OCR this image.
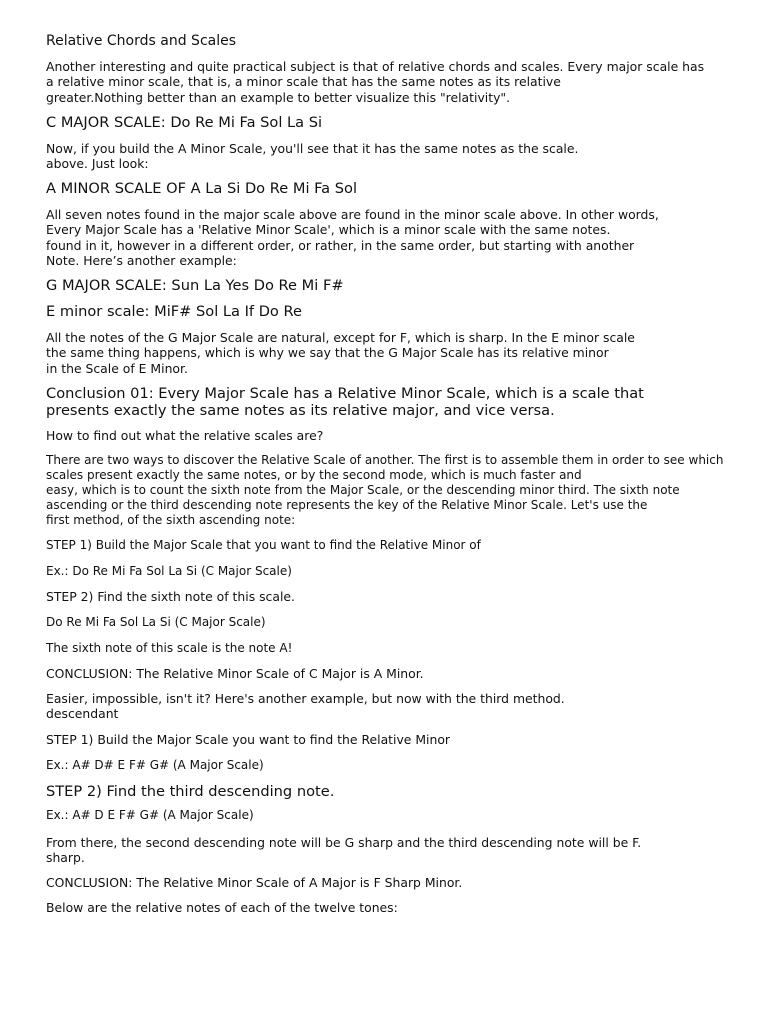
Relative Chords and Scales
Another interesting and quite practical subject is that of relative chords and scales. Every major scale has
a relative minor scale, that is, a minor scale that has the same notes as its relative
greater.Nothing better than an example to better visualize this "relativity".
C MAJOR SCALE: Do Re Mi Fa Sol La Si
Now, if you build the A Minor Scale, you'll see that it has the same notes as the scale.
above. Just look:
A MINOR SCALE OF A La Si Do Re Mi Fa Sol
All seven notes found in the major scale above are found in the minor scale above. In other words,
Every Major Scale has a 'Relative Minor Scale', which is a minor scale with the same notes.
found in it, however in a different order, or rather, in the same order, but starting with another
Note. Here’s another example:
G MAJOR SCALE: Sun La Yes Do Re Mi F#
E minor scale: MiF# Sol La If Do Re
All the notes of the G Major Scale are natural, except for F, which is sharp. In the E minor scale
the same thing happens, which is why we say that the G Major Scale has its relative minor
in the Scale of E Minor.
Conclusion 01: Every Major Scale has a Relative Minor Scale, which is a scale that
presents exactly the same notes as its relative major, and vice versa.
How to find out what the relative scales are?
There are two ways to discover the Relative Scale of another. The first is to assemble them in order to see which
scales present exactly the same notes, or by the second mode, which is much faster and
easy, which is to count the sixth note from the Major Scale, or the descending minor third. The sixth note
ascending or the third descending note represents the key of the Relative Minor Scale. Let's use the
first method, of the sixth ascending note:
STEP 1) Build the Major Scale that you want to find the Relative Minor of
Ex.: Do Re Mi Fa Sol La Si (C Major Scale)
STEP 2) Find the sixth note of this scale.
Do Re Mi Fa Sol La Si (C Major Scale)
The sixth note of this scale is the note A!
CONCLUSION: The Relative Minor Scale of C Major is A Minor.
Easier, impossible, isn't it? Here's another example, but now with the third method.
descendant
STEP 1) Build the Major Scale you want to find the Relative Minor
Ex.: A# D# E F# G# (A Major Scale)
STEP 2) Find the third descending note.
Ex.: A# D E F# G# (A Major Scale)
From there, the second descending note will be G sharp and the third descending note will be F.
sharp.
CONCLUSION: The Relative Minor Scale of A Major is F Sharp Minor.
Below are the relative notes of each of the twelve tones:
